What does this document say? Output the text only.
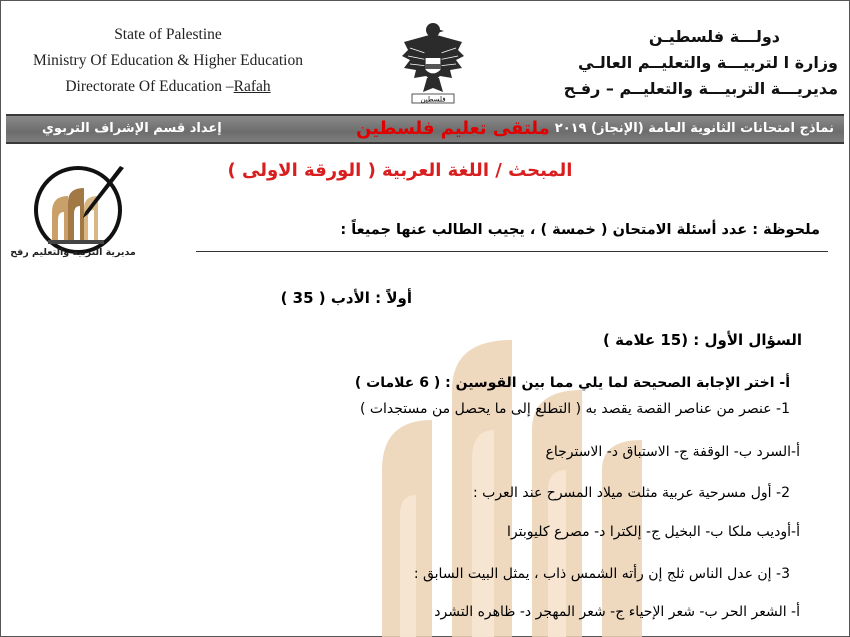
State of Palestine
Ministry Of Education & Higher Education
Directorate Of Education –Rafah
فلسطين
دولـــة فلسطيـن
وزارة ا لتربيـــة والتعليــم العالـي
مديريـــة التربيـــة والتعليــم – رفـح
إعداد قسم الإشراف التربوي	ملتقى تعليم فلسطين نماذج امتحانات الثانوية العامة (الإنجاز) ٢٠١٩
مديرية التربية والتعليم رفح
المبحث / اللغة العربية ( الورقة الاولى )
ملحوظة : عدد أسئلة الامتحان ( خمسة ) ، يجيب الطالب عنها جميعاً :
أولاً : الأدب ( 35 )
السؤال الأول : (15 علامة )
أ- اختر الإجابة الصحيحة لما يلي مما بين القوسين : ( 6 علامات )
1- عنصر من عناصر القصة يقصد به ( التطلع إلى ما يحصل من مستجدات )
أ-السرد ب- الوقفة ج- الاستباق د- الاسترجاع
2- أول مسرحية عربية مثلت ميلاد المسرح عند العرب :
أ-أوديب ملكا ب- البخيل ج- إلكترا د- مصرع كليوبترا
3- إن عدل الناس ثلج إن رأته الشمس ذاب ، يمثل البيت السابق :
أ- الشعر الحر ب- شعر الإحياء ج- شعر المهجر د- ظاهره التشرد
